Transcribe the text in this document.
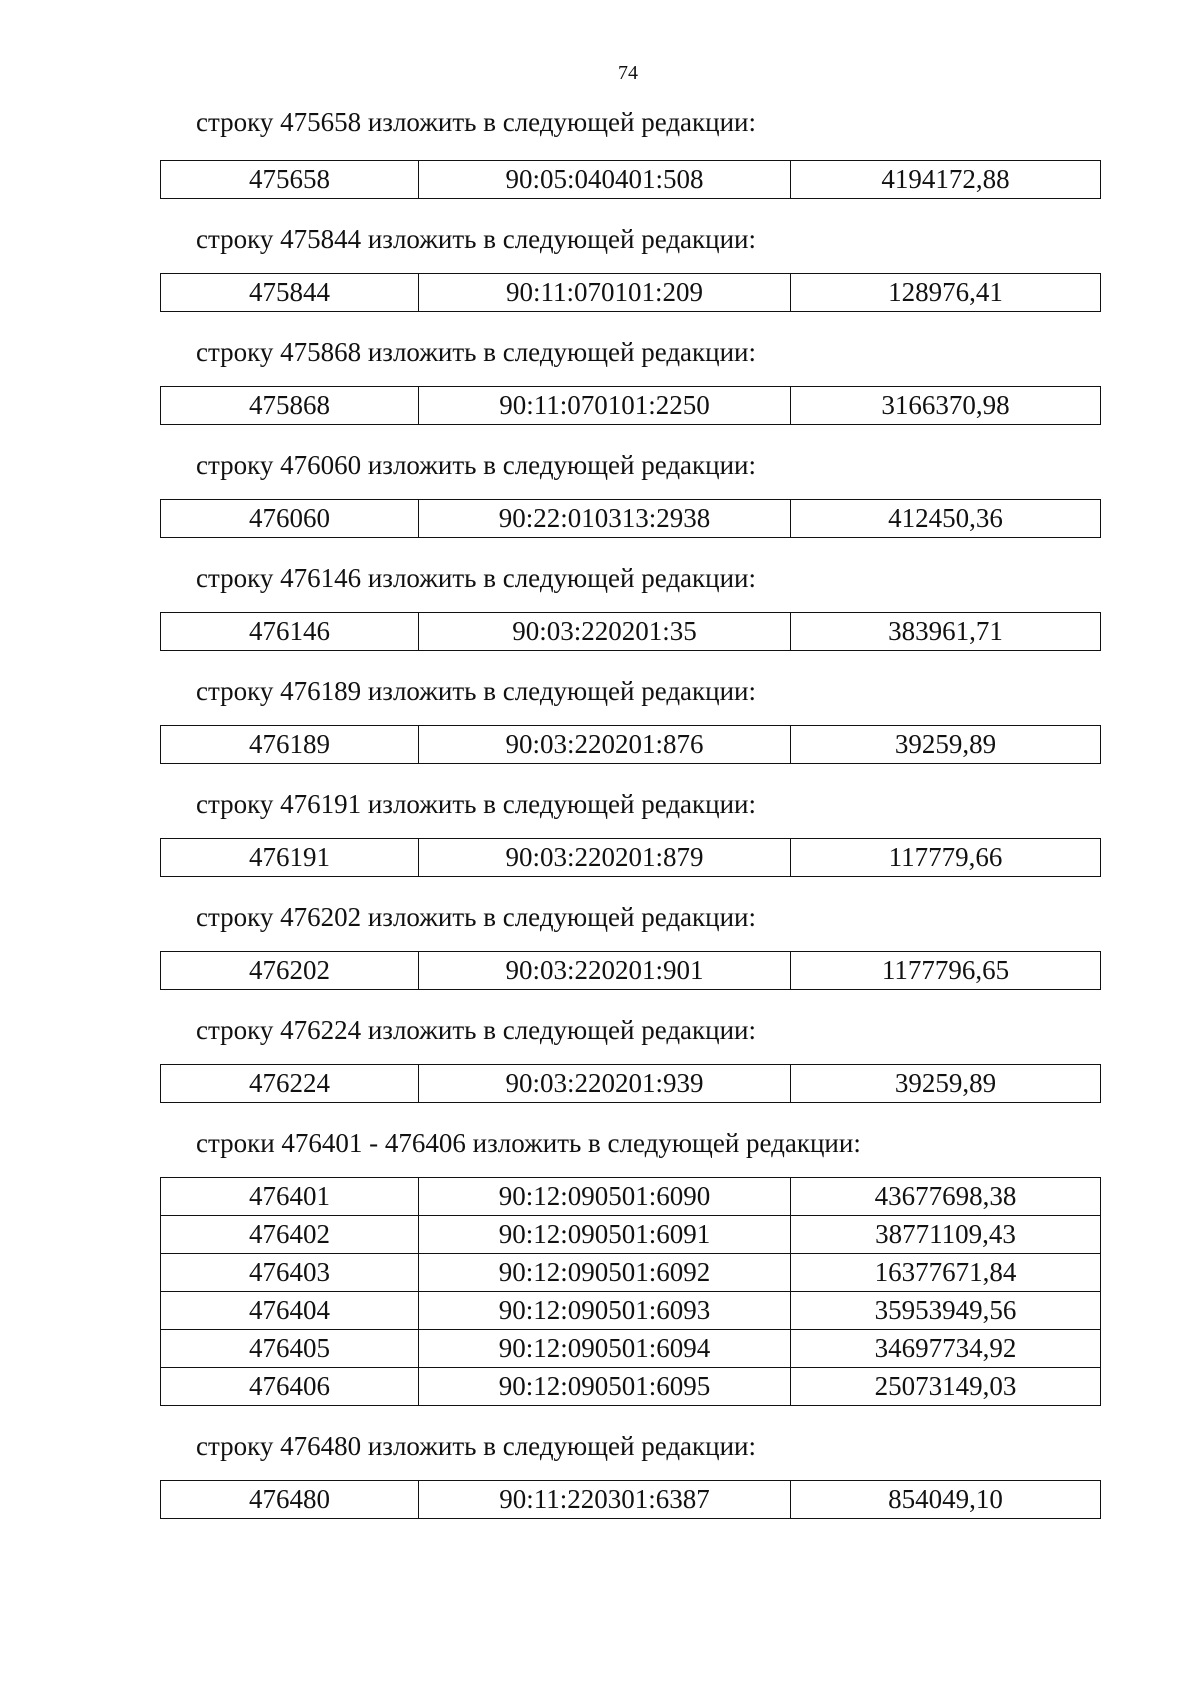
74

строку 475658 изложить в следующей редакции:

475658	90:05:040401:508	4194172,88

строку 475844 изложить в следующей редакции:

475844	90:11:070101:209	128976,41

строку 475868 изложить в следующей редакции:

475868	90:11:070101:2250	3166370,98

строку 476060 изложить в следующей редакции:

476060	90:22:010313:2938	412450,36

строку 476146 изложить в следующей редакции:

476146	90:03:220201:35	383961,71

строку 476189 изложить в следующей редакции:

476189	90:03:220201:876	39259,89

строку 476191 изложить в следующей редакции:

476191	90:03:220201:879	117779,66

строку 476202 изложить в следующей редакции:

476202	90:03:220201:901	1177796,65

строку 476224 изложить в следующей редакции:

476224	90:03:220201:939	39259,89

строки 476401 - 476406 изложить в следующей редакции:

476401	90:12:090501:6090	43677698,38
476402	90:12:090501:6091	38771109,43
476403	90:12:090501:6092	16377671,84
476404	90:12:090501:6093	35953949,56
476405	90:12:090501:6094	34697734,92
476406	90:12:090501:6095	25073149,03

строку 476480 изложить в следующей редакции:

476480	90:11:220301:6387	854049,10
